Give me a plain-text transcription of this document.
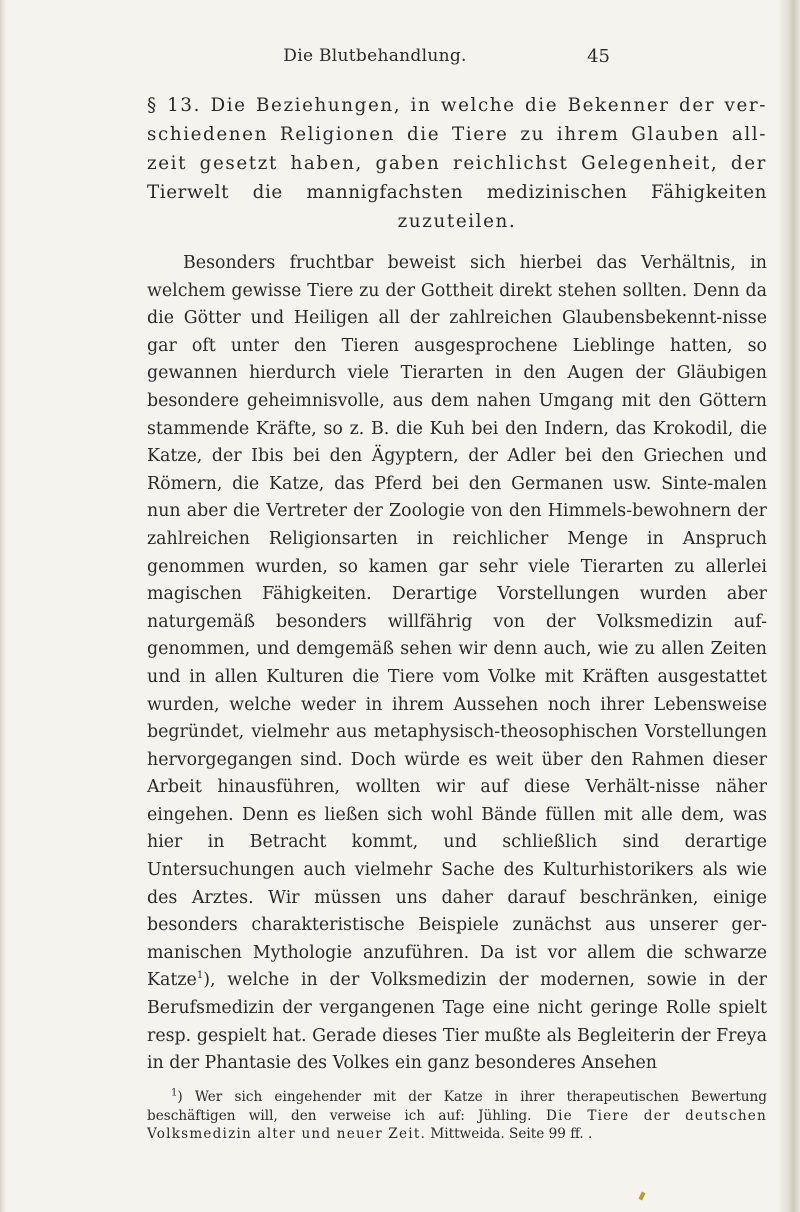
Die Blutbehandlung.	45
§ 13. Die Beziehungen, in welche die Bekenner der ver-
schiedenen Religionen die Tiere zu ihrem Glauben all-
zeit gesetzt haben, gaben reichlichst Gelegenheit, der
Tierwelt die mannigfachsten medizinischen Fähigkeiten
zuzuteilen.

Besonders fruchtbar beweist sich hierbei das Verhältnis, in welchem gewisse Tiere zu der Gottheit direkt stehen sollten. Denn da die Götter und Heiligen all der zahlreichen Glaubensbekennt-nisse gar oft unter den Tieren ausgesprochene Lieblinge hatten, so gewannen hierdurch viele Tierarten in den Augen der Gläubigen besondere geheimnisvolle, aus dem nahen Umgang mit den Göttern stammende Kräfte, so z. B. die Kuh bei den Indern, das Krokodil, die Katze, der Ibis bei den Ägyptern, der Adler bei den Griechen und Römern, die Katze, das Pferd bei den Germanen usw. Sinte-malen nun aber die Vertreter der Zoologie von den Himmels-bewohnern der zahlreichen Religionsarten in reichlicher Menge in Anspruch genommen wurden, so kamen gar sehr viele Tierarten zu allerlei magischen Fähigkeiten. Derartige Vorstellungen wurden aber naturgemäß besonders willfährig von der Volksmedizin auf-genommen, und demgemäß sehen wir denn auch, wie zu allen Zeiten und in allen Kulturen die Tiere vom Volke mit Kräften ausgestattet wurden, welche weder in ihrem Aussehen noch ihrer Lebensweise begründet, vielmehr aus metaphysisch-theosophischen Vorstellungen hervorgegangen sind. Doch würde es weit über den Rahmen dieser Arbeit hinausführen, wollten wir auf diese Verhält-nisse näher eingehen. Denn es ließen sich wohl Bände füllen mit alle dem, was hier in Betracht kommt, und schließlich sind derartige Untersuchungen auch vielmehr Sache des Kulturhistorikers als wie des Arztes. Wir müssen uns daher darauf beschränken, einige besonders charakteristische Beispiele zunächst aus unserer ger-manischen Mythologie anzuführen. Da ist vor allem die schwarze Katze$^1$), welche in der Volksmedizin der modernen, sowie in der Berufsmedizin der vergangenen Tage eine nicht geringe Rolle spielt resp. gespielt hat. Gerade dieses Tier mußte als Begleiterin der Freya in der Phantasie des Volkes ein ganz besonderes Ansehen

$^1$) Wer sich eingehender mit der Katze in ihrer therapeutischen Bewertung beschäftigen will, den verweise ich auf: Jühling. Die Tiere der deutschen Volksmedizin alter und neuer Zeit. Mittweida. Seite 99 ff. .
